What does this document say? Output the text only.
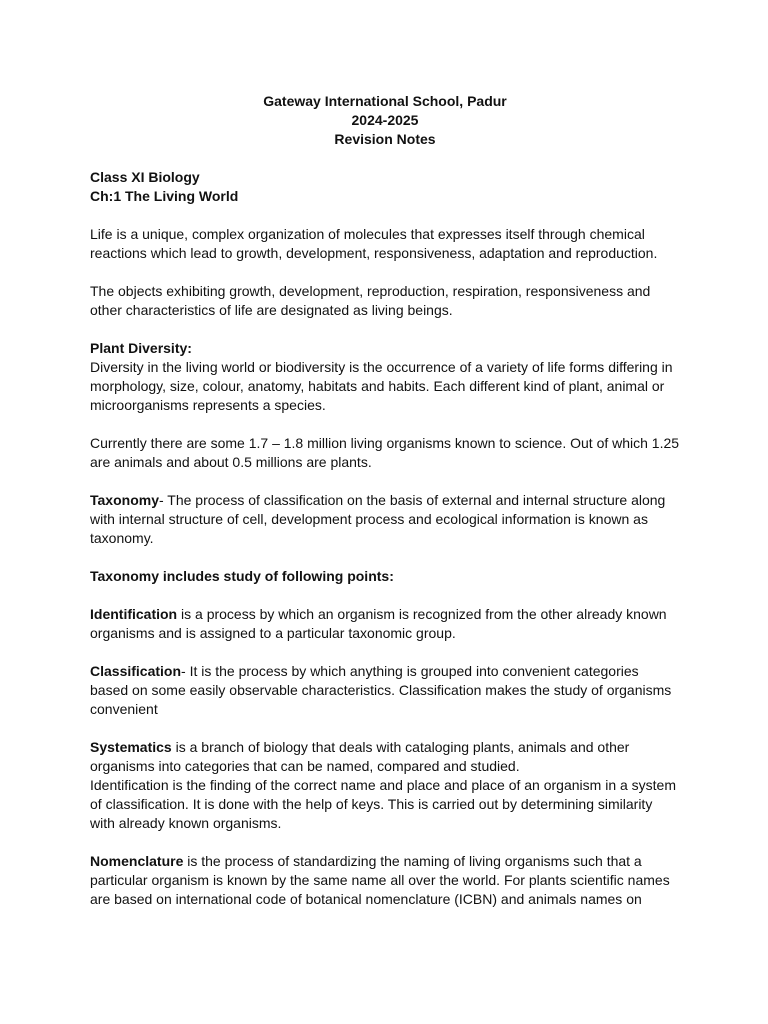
Gateway International School, Padur
2024-2025
Revision Notes
Class XI Biology
Ch:1 The Living World

Life is a unique, complex organization of molecules that expresses itself through chemical reactions which lead to growth, development, responsiveness, adaptation and reproduction.

The objects exhibiting growth, development, reproduction, respiration, responsiveness and other characteristics of life are designated as living beings.

Plant Diversity:
Diversity in the living world or biodiversity is the occurrence of a variety of life forms differing in morphology, size, colour, anatomy, habitats and habits. Each different kind of plant, animal or microorganisms represents a species.

Currently there are some 1.7 – 1.8 million living organisms known to science. Out of which 1.25 are animals and about 0.5 millions are plants.

Taxonomy- The process of classification on the basis of external and internal structure along with internal structure of cell, development process and ecological information is known as taxonomy.

Taxonomy includes study of following points:

Identification is a process by which an organism is recognized from the other already known organisms and is assigned to a particular taxonomic group.

Classification- It is the process by which anything is grouped into convenient categories based on some easily observable characteristics. Classification makes the study of organisms convenient

Systematics is a branch of biology that deals with cataloging plants, animals and other organisms into categories that can be named, compared and studied.
Identification is the finding of the correct name and place and place of an organism in a system of classification. It is done with the help of keys. This is carried out by determining similarity with already known organisms.

Nomenclature is the process of standardizing the naming of living organisms such that a particular organism is known by the same name all over the world. For plants scientific names are based on international code of botanical nomenclature (ICBN) and animals names on
